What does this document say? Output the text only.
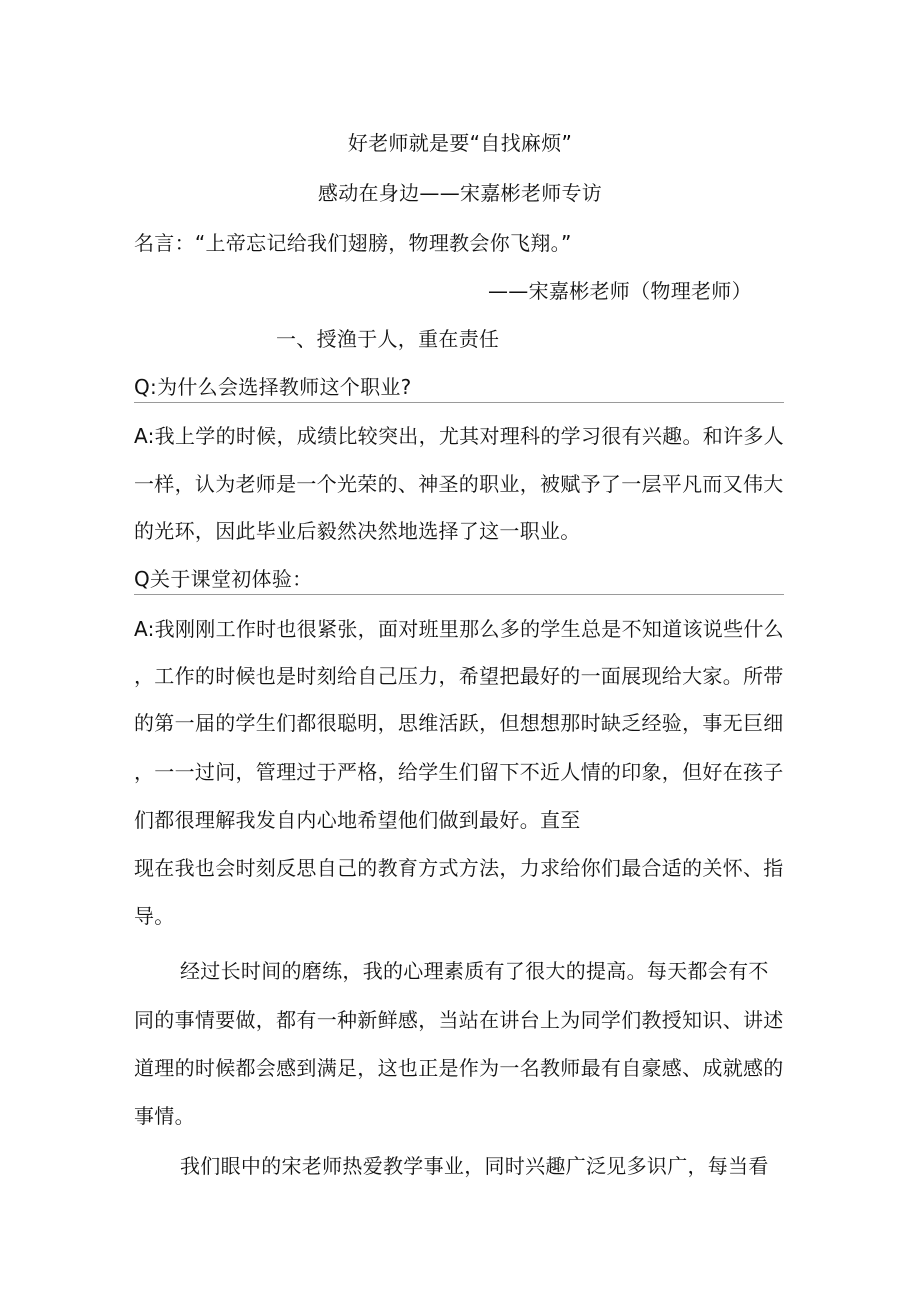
好老师就是要“自找麻烦”
感动在身边——宋嘉彬老师专访
名言：“上帝忘记给我们翅膀，物理教会你飞翔。”
——宋嘉彬老师（物理老师）
一、授渔于人，重在责任
Q:为什么会选择教师这个职业?
A:我上学的时候，成绩比较突出，尤其对理科的学习很有兴趣。和许多人
一样，认为老师是一个光荣的、神圣的职业，被赋予了一层平凡而又伟大
的光环，因此毕业后毅然决然地选择了这一职业。
Q关于课堂初体验：
A:我刚刚工作时也很紧张，面对班里那么多的学生总是不知道该说些什么
，工作的时候也是时刻给自己压力，希望把最好的一面展现给大家。所带
的第一届的学生们都很聪明，思维活跃，但想想那时缺乏经验，事无巨细
，一一过问，管理过于严格，给学生们留下不近人情的印象，但好在孩子
们都很理解我发自内心地希望他们做到最好。直至
现在我也会时刻反思自己的教育方式方法，力求给你们最合适的关怀、指
导。
经过长时间的磨练，我的心理素质有了很大的提高。每天都会有不
同的事情要做，都有一种新鲜感，当站在讲台上为同学们教授知识、讲述
道理的时候都会感到满足，这也正是作为一名教师最有自豪感、成就感的
事情。
我们眼中的宋老师热爱教学事业，同时兴趣广泛见多识广，每当看
